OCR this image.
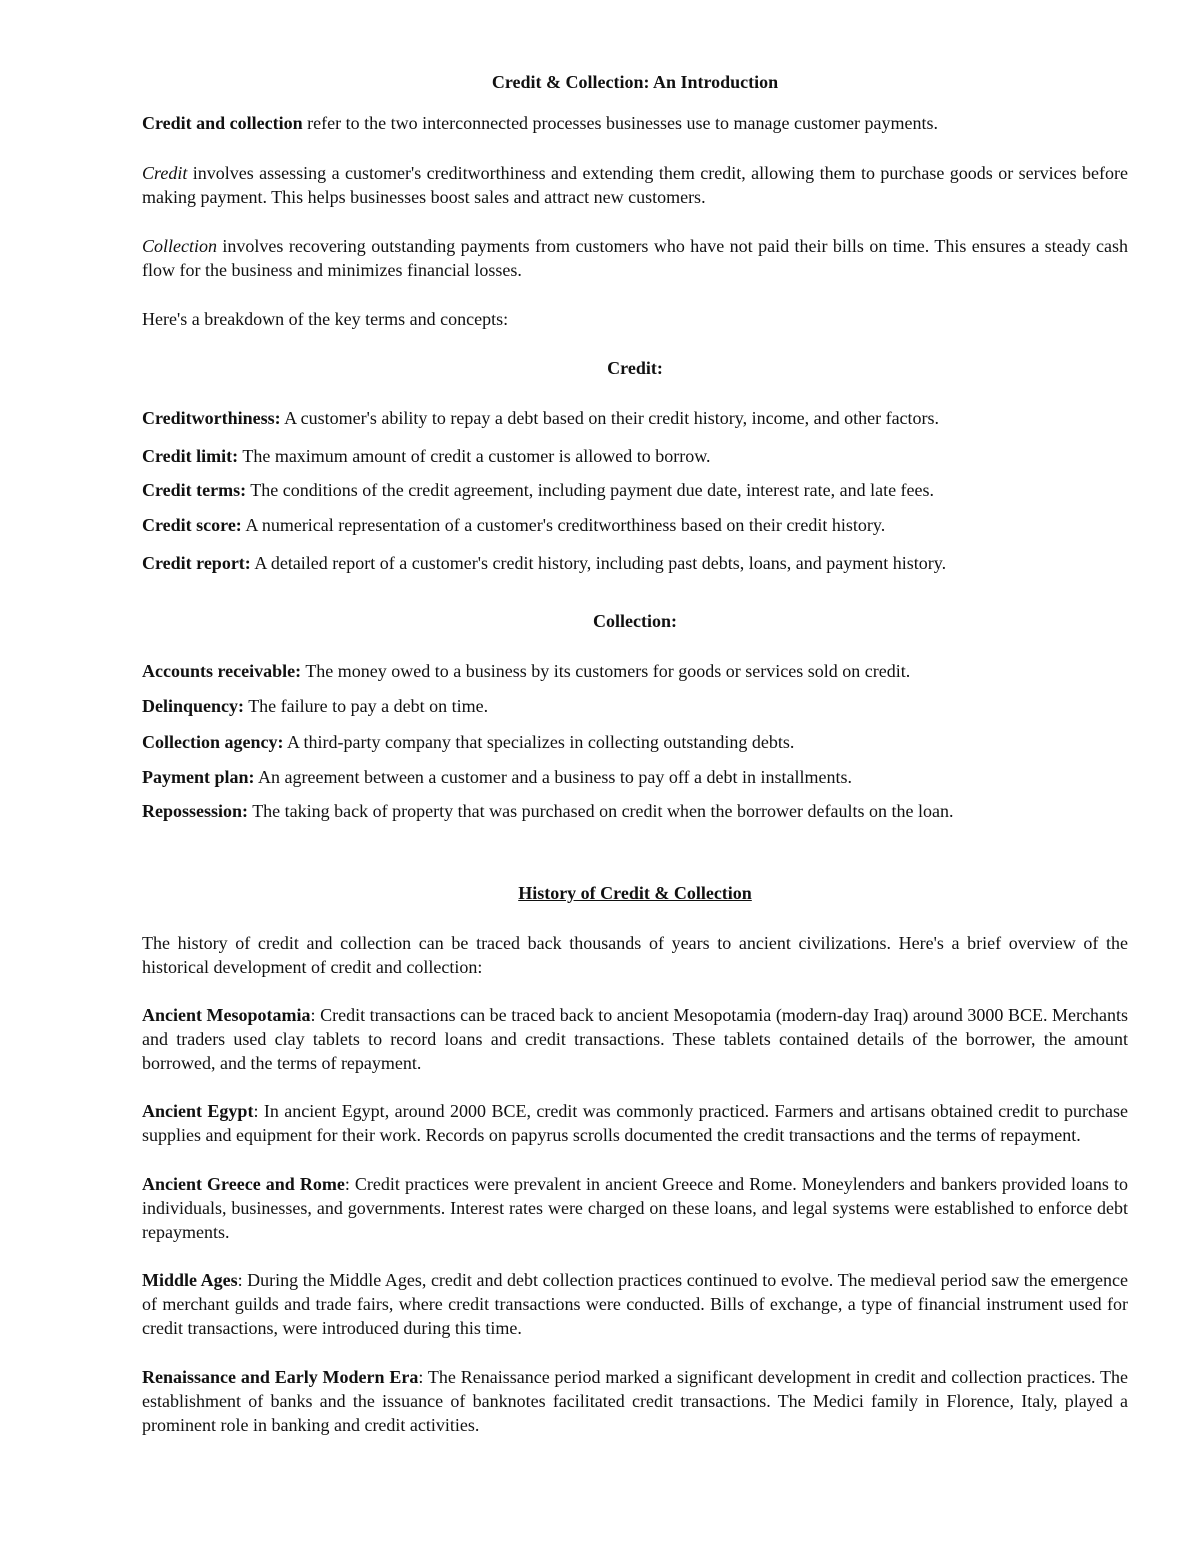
Credit & Collection: An Introduction

Credit and collection refer to the two interconnected processes businesses use to manage customer payments.

Credit involves assessing a customer's creditworthiness and extending them credit, allowing them to purchase goods or services before making payment. This helps businesses boost sales and attract new customers.

Collection involves recovering outstanding payments from customers who have not paid their bills on time. This ensures a steady cash flow for the business and minimizes financial losses.

Here's a breakdown of the key terms and concepts:

Credit:

Creditworthiness: A customer's ability to repay a debt based on their credit history, income, and other factors.

Credit limit: The maximum amount of credit a customer is allowed to borrow.

Credit terms: The conditions of the credit agreement, including payment due date, interest rate, and late fees.

Credit score: A numerical representation of a customer's creditworthiness based on their credit history.

Credit report: A detailed report of a customer's credit history, including past debts, loans, and payment history.

Collection:

Accounts receivable: The money owed to a business by its customers for goods or services sold on credit.

Delinquency: The failure to pay a debt on time.

Collection agency: A third-party company that specializes in collecting outstanding debts.

Payment plan: An agreement between a customer and a business to pay off a debt in installments.

Repossession: The taking back of property that was purchased on credit when the borrower defaults on the loan.

History of Credit & Collection

The history of credit and collection can be traced back thousands of years to ancient civilizations. Here's a brief overview of the historical development of credit and collection:

Ancient Mesopotamia: Credit transactions can be traced back to ancient Mesopotamia (modern-day Iraq) around 3000 BCE. Merchants and traders used clay tablets to record loans and credit transactions. These tablets contained details of the borrower, the amount borrowed, and the terms of repayment.

Ancient Egypt: In ancient Egypt, around 2000 BCE, credit was commonly practiced. Farmers and artisans obtained credit to purchase supplies and equipment for their work. Records on papyrus scrolls documented the credit transactions and the terms of repayment.

Ancient Greece and Rome: Credit practices were prevalent in ancient Greece and Rome. Moneylenders and bankers provided loans to individuals, businesses, and governments. Interest rates were charged on these loans, and legal systems were established to enforce debt repayments.

Middle Ages: During the Middle Ages, credit and debt collection practices continued to evolve. The medieval period saw the emergence of merchant guilds and trade fairs, where credit transactions were conducted. Bills of exchange, a type of financial instrument used for credit transactions, were introduced during this time.

Renaissance and Early Modern Era: The Renaissance period marked a significant development in credit and collection practices. The establishment of banks and the issuance of banknotes facilitated credit transactions. The Medici family in Florence, Italy, played a prominent role in banking and credit activities.
